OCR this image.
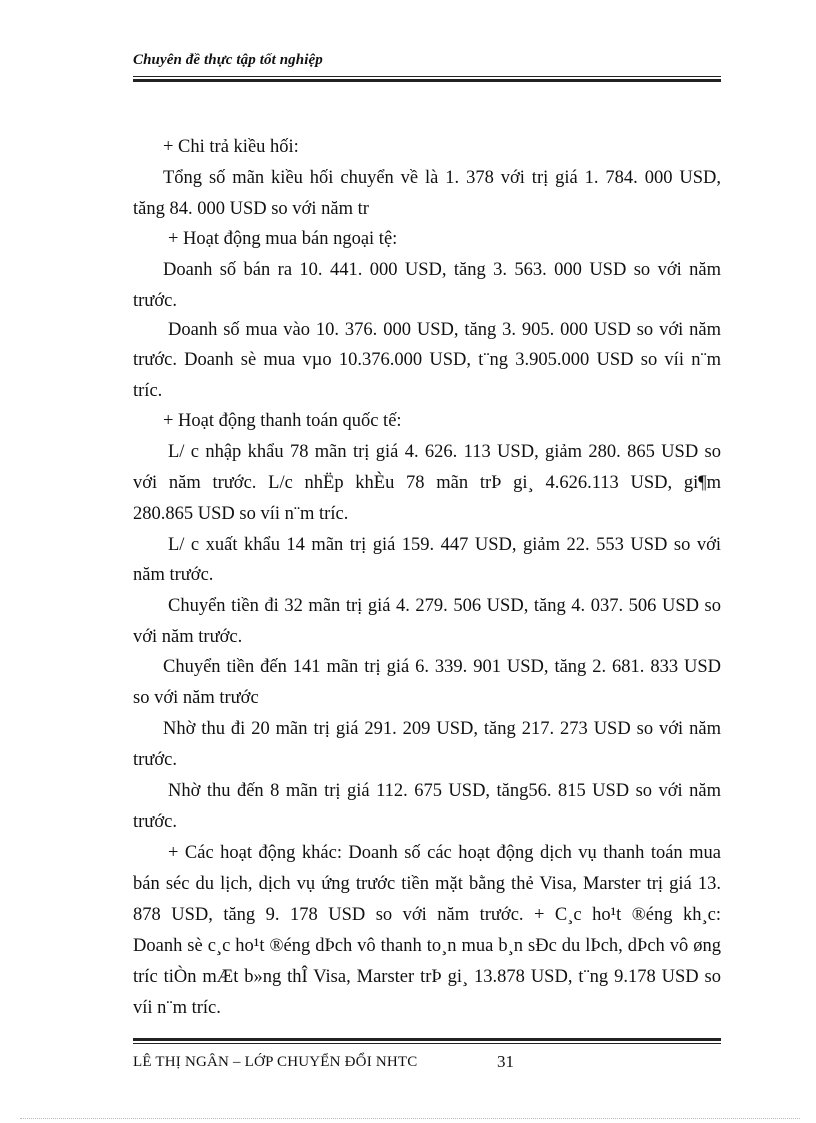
Chuyên đề thực tập tốt nghiệp
+ Chi trả kiều hối:
Tổng số mãn kiều hối chuyển về là 1. 378 với trị giá 1. 784. 000 USD,
tăng 84. 000 USD so với năm tr
+ Hoạt động mua bán ngoại tệ:
Doanh số bán ra 10. 441. 000 USD, tăng 3. 563. 000 USD so với năm
trước.
Doanh số mua vào 10. 376. 000 USD, tăng 3. 905. 000 USD so với năm
trước. Doanh sè mua vµo 10.376.000 USD, t¨ng 3.905.000 USD so víi n¨m
tríc.
+ Hoạt động thanh toán quốc tế:
L/ c nhập khẩu 78 mãn trị giá 4. 626. 113 USD, giảm 280. 865 USD so
với năm trước. L/c nhËp khÈu 78 mãn trÞ gi¸ 4.626.113 USD, gi¶m
280.865 USD so víi n¨m tríc.
L/ c xuất khẩu 14 mãn trị giá 159. 447 USD, giảm 22. 553 USD so với
năm trước.
Chuyển tiền đi 32 mãn trị giá 4. 279. 506 USD, tăng 4. 037. 506 USD so
với năm trước.
Chuyển tiền đến 141 mãn trị giá 6. 339. 901 USD, tăng 2. 681. 833 USD
so với năm trước
Nhờ thu đi 20 mãn trị giá 291. 209 USD, tăng 217. 273 USD so với năm
trước.
Nhờ thu đến 8 mãn trị giá 112. 675 USD, tăng56. 815 USD so với năm
trước.
+ Các hoạt động khác: Doanh số các hoạt động dịch vụ thanh toán mua
bán séc du lịch, dịch vụ ứng trước tiền mặt bằng thẻ Visa, Marster trị giá 13.
878 USD, tăng 9. 178 USD so với năm trước. + C¸c ho¹t ®éng kh¸c:
Doanh sè c¸c ho¹t ®éng dÞch vô thanh to¸n mua b¸n sÐc du lÞch, dÞch vô øng
tríc tiÒn mÆt b»ng thÎ Visa, Marster trÞ gi¸ 13.878 USD, t¨ng 9.178 USD so
víi n¨m tríc.
LÊ THỊ NGÂN – LỚP CHUYỂN ĐỔI NHTC	31
